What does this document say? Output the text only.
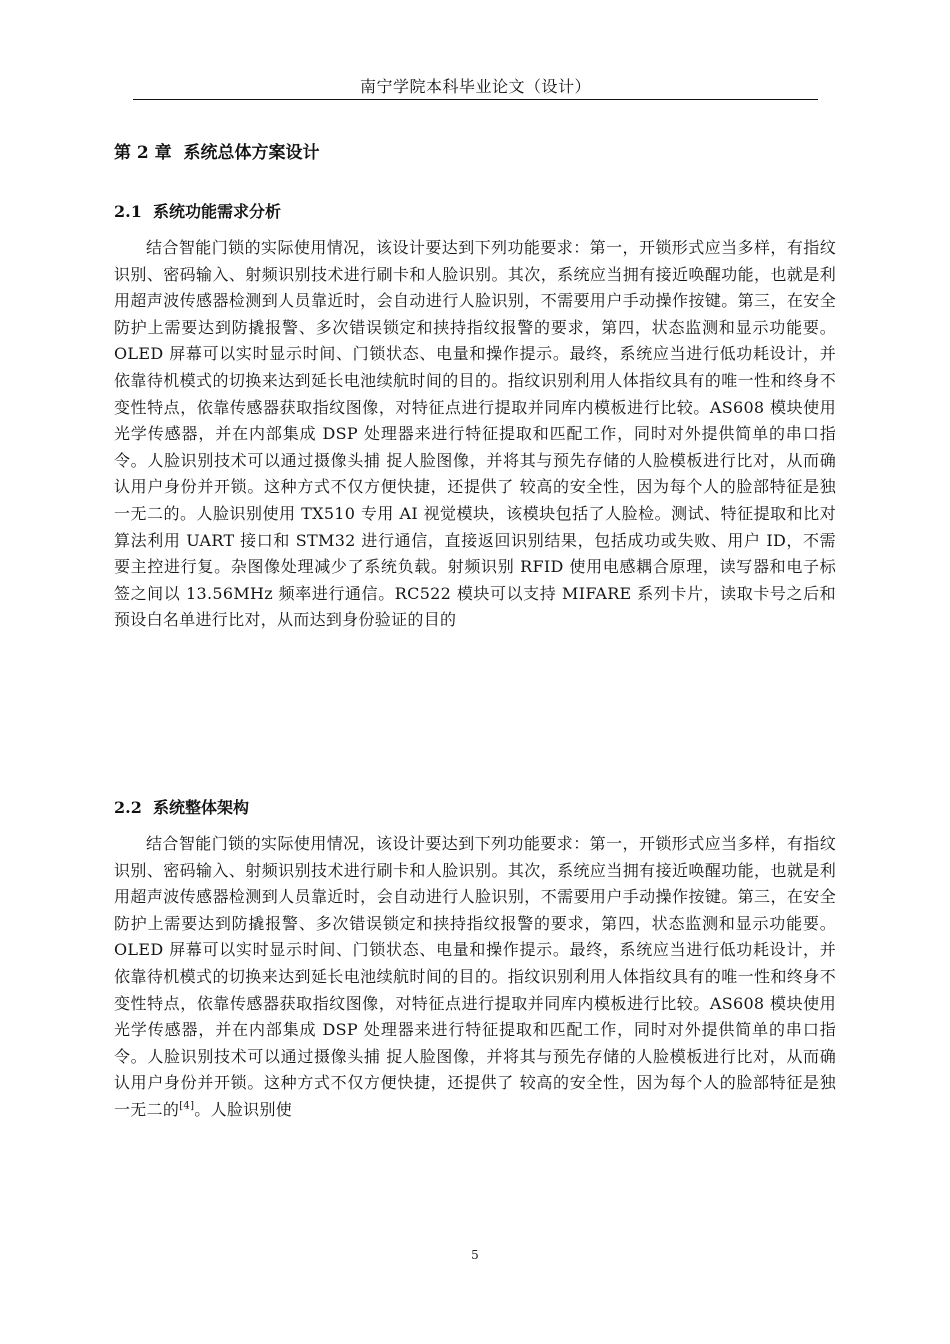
南宁学院本科毕业论文（设计）
第 2 章  系统总体方案设计
2.1  系统功能需求分析

结合智能门锁的实际使用情况，该设计要达到下列功能要求：第一，开锁形式应当多样，有指纹识别、密码输入、射频识别技术进行刷卡和人脸识别。其次，系统应当拥有接近唤醒功能，也就是利用超声波传感器检测到人员靠近时，会自动进行人脸识别，不需要用户手动操作按键。第三，在安全防护上需要达到防撬报警、多次错误锁定和挟持指纹报警的要求，第四，状态监测和显示功能要。OLED 屏幕可以实时显示时间、门锁状态、电量和操作提示。最终，系统应当进行低功耗设计，并依靠待机模式的切换来达到延长电池续航时间的目的。指纹识别利用人体指纹具有的唯一性和终身不变性特点，依靠传感器获取指纹图像，对特征点进行提取并同库内模板进行比较。AS608 模块使用光学传感器，并在内部集成 DSP 处理器来进行特征提取和匹配工作，同时对外提供简单的串口指令。人脸识别技术可以通过摄像头捕 捉人脸图像，并将其与预先存储的人脸模板进行比对，从而确认用户身份并开锁。这种方式不仅方便快捷，还提供了 较高的安全性，因为每个人的脸部特征是独一无二的。人脸识别使用 TX510 专用 AI 视觉模块，该模块包括了人脸检。测试、特征提取和比对算法利用 UART 接口和 STM32 进行通信，直接返回识别结果，包括成功或失败、用户 ID，不需要主控进行复。杂图像处理减少了系统负载。射频识别 RFID 使用电感耦合原理，读写器和电子标签之间以 13.56MHz 频率进行通信。RC522 模块可以支持 MIFARE 系列卡片，读取卡号之后和预设白名单进行比对，从而达到身份验证的目的

2.2  系统整体架构

结合智能门锁的实际使用情况，该设计要达到下列功能要求：第一，开锁形式应当多样，有指纹识别、密码输入、射频识别技术进行刷卡和人脸识别。其次，系统应当拥有接近唤醒功能，也就是利用超声波传感器检测到人员靠近时，会自动进行人脸识别，不需要用户手动操作按键。第三，在安全防护上需要达到防撬报警、多次错误锁定和挟持指纹报警的要求，第四，状态监测和显示功能要。OLED 屏幕可以实时显示时间、门锁状态、电量和操作提示。最终，系统应当进行低功耗设计，并依靠待机模式的切换来达到延长电池续航时间的目的。指纹识别利用人体指纹具有的唯一性和终身不变性特点，依靠传感器获取指纹图像，对特征点进行提取并同库内模板进行比较。AS608 模块使用光学传感器，并在内部集成 DSP 处理器来进行特征提取和匹配工作，同时对外提供简单的串口指令。人脸识别技术可以通过摄像头捕 捉人脸图像，并将其与预先存储的人脸模板进行比对，从而确认用户身份并开锁。这种方式不仅方便快捷，还提供了 较高的安全性，因为每个人的脸部特征是独一无二的[4]。人脸识别使

5
